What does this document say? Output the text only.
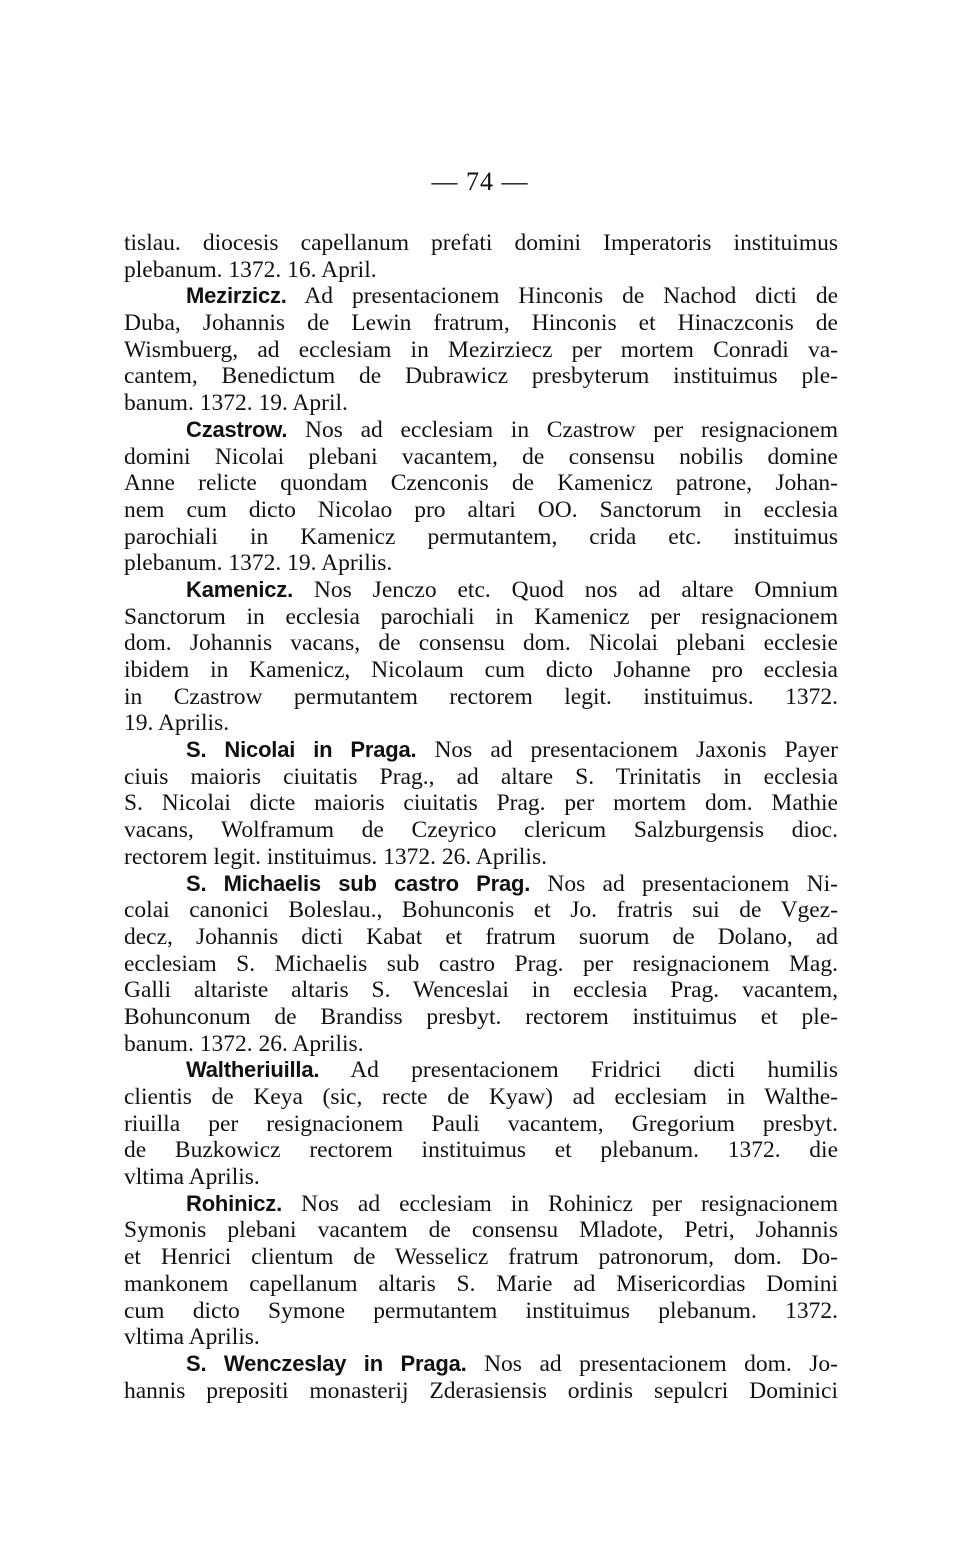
— 74 —
tislau. diocesis capellanum prefati domini Imperatoris instituimus
plebanum. 1372. 16. April.
Mezirzicz. Ad presentacionem Hinconis de Nachod dicti de
Duba, Johannis de Lewin fratrum, Hinconis et Hinaczconis de
Wismbuerg, ad ecclesiam in Mezirziecz per mortem Conradi va-
cantem, Benedictum de Dubrawicz presbyterum instituimus ple-
banum. 1372. 19. April.
Czastrow. Nos ad ecclesiam in Czastrow per resignacionem
domini Nicolai plebani vacantem, de consensu nobilis domine
Anne relicte quondam Czenconis de Kamenicz patrone, Johan-
nem cum dicto Nicolao pro altari OO. Sanctorum in ecclesia
parochiali in Kamenicz permutantem, crida etc. instituimus
plebanum. 1372. 19. Aprilis.
Kamenicz. Nos Jenczo etc. Quod nos ad altare Omnium
Sanctorum in ecclesia parochiali in Kamenicz per resignacionem
dom. Johannis vacans, de consensu dom. Nicolai plebani ecclesie
ibidem in Kamenicz, Nicolaum cum dicto Johanne pro ecclesia
in Czastrow permutantem rectorem legit. instituimus. 1372.
19. Aprilis.
S. Nicolai in Praga. Nos ad presentacionem Jaxonis Payer
ciuis maioris ciuitatis Prag., ad altare S. Trinitatis in ecclesia
S. Nicolai dicte maioris ciuitatis Prag. per mortem dom. Mathie
vacans, Wolframum de Czeyrico clericum Salzburgensis dioc.
rectorem legit. instituimus. 1372. 26. Aprilis.
S. Michaelis sub castro Prag. Nos ad presentacionem Ni-
colai canonici Boleslau., Bohunconis et Jo. fratris sui de Vgez-
decz, Johannis dicti Kabat et fratrum suorum de Dolano, ad
ecclesiam S. Michaelis sub castro Prag. per resignacionem Mag.
Galli altariste altaris S. Wenceslai in ecclesia Prag. vacantem,
Bohunconum de Brandiss presbyt. rectorem instituimus et ple-
banum. 1372. 26. Aprilis.
Waltheriuilla. Ad presentacionem Fridrici dicti humilis
clientis de Keya (sic, recte de Kyaw) ad ecclesiam in Walthe-
riuilla per resignacionem Pauli vacantem, Gregorium presbyt.
de Buzkowicz rectorem instituimus et plebanum. 1372. die
vltima Aprilis.
Rohinicz. Nos ad ecclesiam in Rohinicz per resignacionem
Symonis plebani vacantem de consensu Mladote, Petri, Johannis
et Henrici clientum de Wesselicz fratrum patronorum, dom. Do-
mankonem capellanum altaris S. Marie ad Misericordias Domini
cum dicto Symone permutantem instituimus plebanum. 1372.
vltima Aprilis.
S. Wenczeslay in Praga. Nos ad presentacionem dom. Jo-
hannis prepositi monasterij Zderasiensis ordinis sepulcri Dominici
